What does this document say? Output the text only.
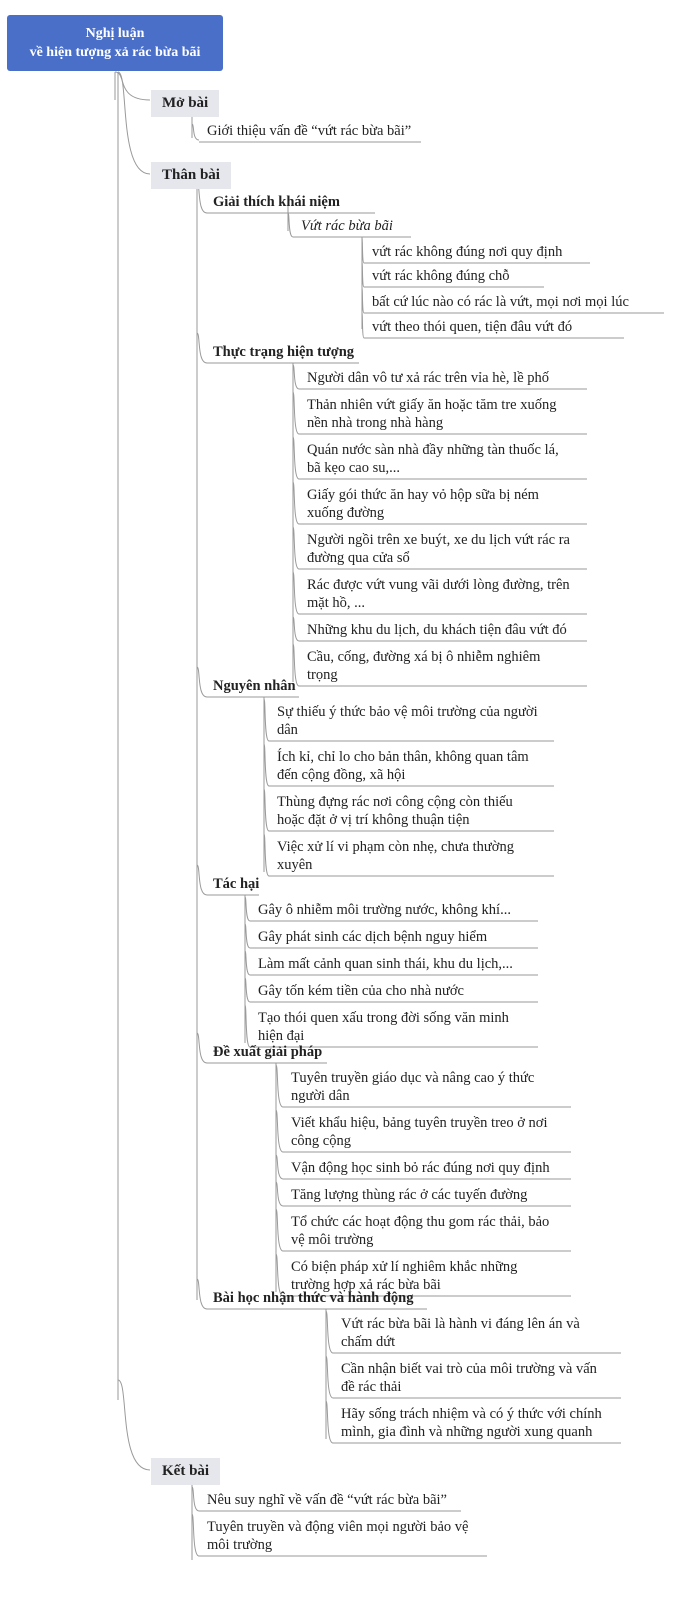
Nghị luận
về hiện tượng xả rác bừa bãi
Mở bài
Thân bài
Kết bài
Giới thiệu vấn đề “vứt rác bừa bãi”
Giải thích khái niệm
Vứt rác bừa bãi
vứt rác không đúng nơi quy định
vứt rác không đúng chỗ
bất cứ lúc nào có rác là vứt, mọi nơi mọi lúc
vứt theo thói quen, tiện đâu vứt đó
Thực trạng hiện tượng
Người dân vô tư xả rác trên vỉa hè, lề phố
Thản nhiên vứt giấy ăn hoặc tăm tre xuống
nền nhà trong nhà hàng
Quán nước sàn nhà đầy những tàn thuốc lá,
bã kẹo cao su,...
Giấy gói thức ăn hay vỏ hộp sữa bị ném
xuống đường
Người ngồi trên xe buýt, xe du lịch vứt rác ra
đường qua cửa sổ
Rác được vứt vung vãi dưới lòng đường, trên
mặt hồ, ...
Những khu du lịch, du khách tiện đâu vứt đó
Cầu, cống, đường xá bị ô nhiễm nghiêm
trọng
Nguyên nhân
Sự thiếu ý thức bảo vệ môi trường của người
dân
Ích kỉ, chỉ lo cho bản thân, không quan tâm
đến cộng đồng, xã hội
Thùng đựng rác nơi công cộng còn thiếu
hoặc đặt ở vị trí không thuận tiện
Việc xử lí vi phạm còn nhẹ, chưa thường
xuyên
Tác hại
Gây ô nhiễm môi trường nước, không khí...
Gây phát sinh các dịch bệnh nguy hiểm
Làm mất cảnh quan sinh thái, khu du lịch,...
Gây tốn kém tiền của cho nhà nước
Tạo thói quen xấu trong đời sống văn minh
hiện đại
Đề xuất giải pháp
Tuyên truyền giáo dục và nâng cao ý thức
người dân
Viết khẩu hiệu, bảng tuyên truyền treo ở nơi
công cộng
Vận động học sinh bỏ rác đúng nơi quy định
Tăng lượng thùng rác ở các tuyến đường
Tổ chức các hoạt động thu gom rác thải, bảo
vệ môi trường
Có biện pháp xử lí nghiêm khắc những
trường hợp xả rác bừa bãi
Bài học nhận thức và hành động
Vứt rác bừa bãi là hành vi đáng lên án và
chấm dứt
Cần nhận biết vai trò của môi trường và vấn
đề rác thải
Hãy sống trách nhiệm và có ý thức với chính
mình, gia đình và những người xung quanh
Nêu suy nghĩ về vấn đề “vứt rác bừa bãi”
Tuyên truyền và động viên mọi người bảo vệ
môi trường
